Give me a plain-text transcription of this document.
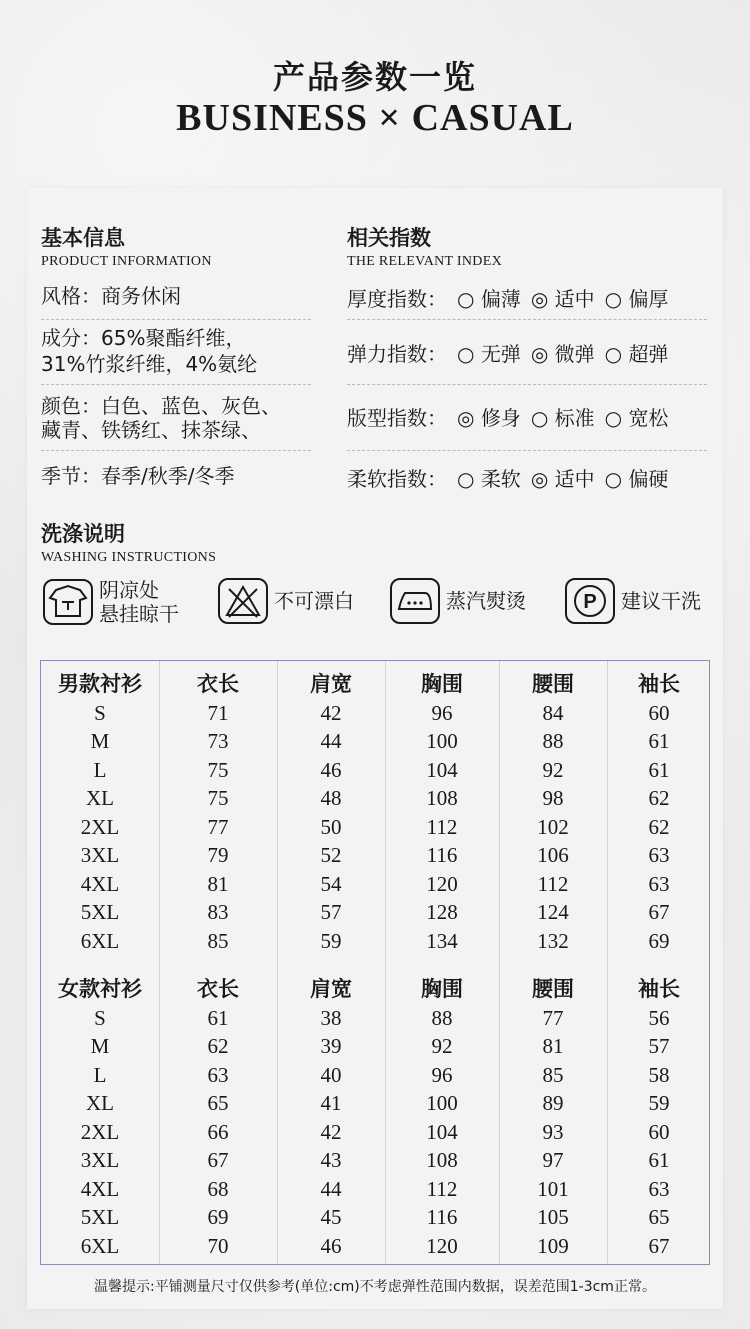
产品参数一览
BUSINESS × CASUAL
基本信息
PRODUCT INFORMATION
风格：商务休闲
成分：65%聚酯纤维，
31%竹浆纤维，4%氨纶
颜色：白色、蓝色、灰色、
藏青、铁锈红、抹茶绿、
季节：春季/秋季/冬季
相关指数
THE RELEVANT INDEX
厚度指数： ○ 偏薄 ◎ 适中 ○ 偏厚
弹力指数： ○ 无弹 ◎ 微弹 ○ 超弹
版型指数： ◎ 修身 ○ 标准 ○ 宽松
柔软指数： ○ 柔软 ◎ 适中 ○ 偏硬
洗涤说明
WASHING INSTRUCTIONS
阴凉处
悬挂晾干
不可漂白	蒸汽熨烫	P 建议干洗
男款衬衫	衣长	肩宽	胸围	腰围	袖长
S	71	42	96	84	60
M	73	44	100	88	61
L	75	46	104	92	61
XL	75	48	108	98	62
2XL	77	50	112	102	62
3XL	79	52	116	106	63
4XL	81	54	120	112	63
5XL	83	57	128	124	67
6XL	85	59	134	132	69
女款衬衫	衣长	肩宽	胸围	腰围	袖长
S	61	38	88	77	56
M	62	39	92	81	57
L	63	40	96	85	58
XL	65	41	100	89	59
2XL	66	42	104	93	60
3XL	67	43	108	97	61
4XL	68	44	112	101	63
5XL	69	45	116	105	65
6XL	70	46	120	109	67
温馨提示:平铺测量尺寸仅供参考(单位:cm)不考虑弹性范围内数据，误差范围1-3cm正常。
